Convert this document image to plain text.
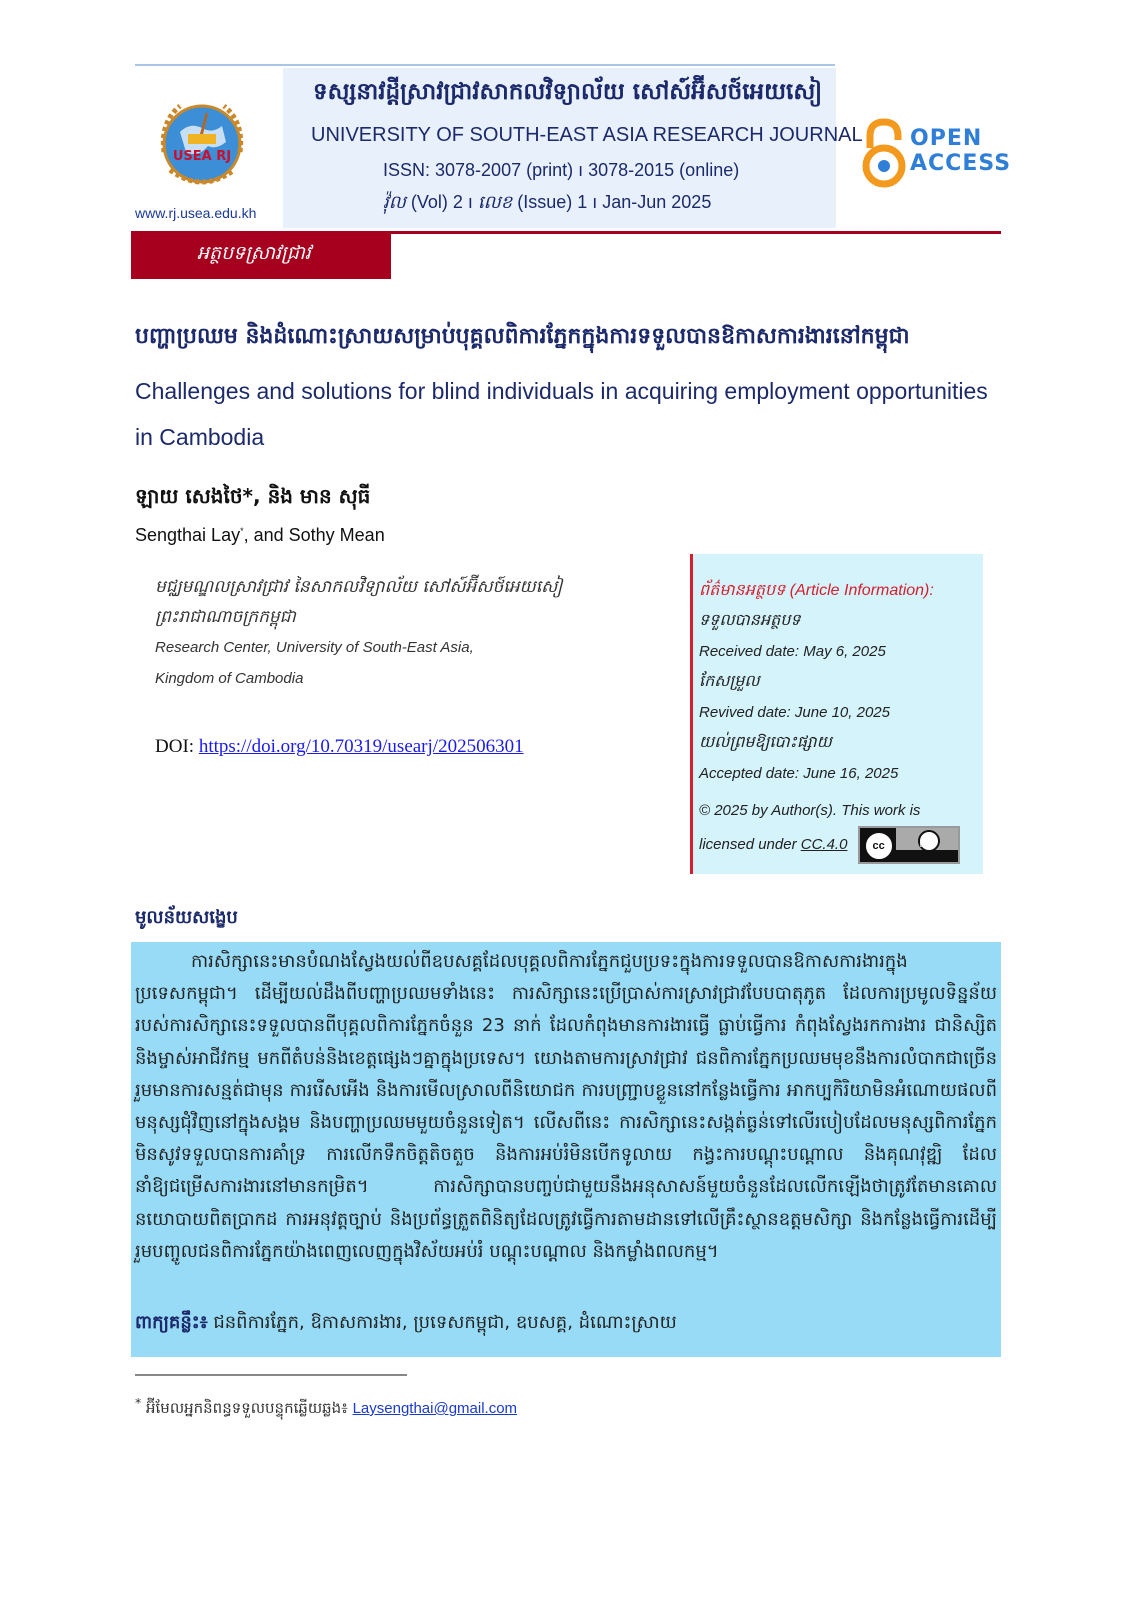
USEA RJ
www.rj.usea.edu.kh
ទស្សនាវដ្ដីស្រាវជ្រាវសាកលវិទ្យាល័យ សៅស៍អ៊ីសថ៍អេយសៀ
UNIVERSITY OF SOUTH-EAST ASIA RESEARCH JOURNAL
ISSN: 3078-2007 (print) ı 3078-2015 (online)
វ៉ុល (Vol) 2 ı លេខ (Issue) 1 ı Jan-Jun 2025
OPEN
ACCESS
អត្ថបទស្រាវជ្រាវ
បញ្ហាប្រឈម និងដំណោះស្រាយសម្រាប់បុគ្គលពិការភ្នែកក្នុងការទទួលបានឱកាសការងារនៅកម្ពុជា
Challenges and solutions for blind individuals in acquiring employment opportunities in Cambodia
ឡាយ សេងថៃ*, និង មាន សុធី
Sengthai Lay*, and Sothy Mean
មជ្ឈមណ្ឌលស្រាវជ្រាវ នៃសាកលវិទ្យាល័យ សៅស៍អ៊ីសថ៍អេយសៀ
ព្រះរាជាណាចក្រកម្ពុជា
Research Center, University of South-East Asia,
Kingdom of Cambodia
DOI: https://doi.org/10.70319/usearj/202506301
ព័ត៌មានអត្ថបទ (Article Information):
ទទួលបានអត្ថបទ
Received date: May 6, 2025
កែសម្រួល
Revived date: June 10, 2025
យល់ព្រមឱ្យបោះផ្សាយ
Accepted date: June 16, 2025
© 2025 by Author(s). This work is licensed under CC.4.0	cc	BY
មូលន័យសង្ខេប
ការសិក្សានេះមានបំណងស្វែងយល់ពីឧបសគ្គដែលបុគ្គលពិការភ្នែកជួបប្រទះក្នុងការទទួលបានឱកាសការងារក្នុងប្រទេសកម្ពុជា។ ដើម្បីយល់ដឹងពីបញ្ហាប្រឈមទាំងនេះ ការសិក្សានេះប្រើប្រាស់ការស្រាវជ្រាវបែបបាតុភូត ដែលការប្រមូលទិន្នន័យរបស់ការសិក្សានេះទទួលបានពីបុគ្គលពិការភ្នែកចំនួន 23 នាក់ ដែលកំពុងមានការងារធ្វើ ធ្លាប់ធ្វើការ កំពុងស្វែងរកការងារ ជានិស្សិត និងម្ចាស់អាជីវកម្ម មកពីតំបន់និងខេត្តផ្សេងៗគ្នាក្នុងប្រទេស។ យោងតាមការស្រាវជ្រាវ ជនពិការភ្នែកប្រឈមមុខនឹងការលំបាកជាច្រើន រួមមានការសន្មត់ជាមុន ការរើសអើង និងការមើលស្រាលពីនិយោជក ការបញ្ជ្រាបខ្លួននៅកន្លែងធ្វើការ អាកប្បកិរិយាមិនអំណោយផលពីមនុស្សជុំវិញនៅក្នុងសង្គម និងបញ្ហាប្រឈមមួយចំនួនទៀត។ លើសពីនេះ ការសិក្សានេះសង្កត់ធ្ងន់ទៅលើរបៀបដែលមនុស្សពិការភ្នែកមិនសូវទទួលបានការគាំទ្រ ការលើកទឹកចិត្តតិចតួច និងការអប់រំមិនបើកទូលាយ កង្វះការបណ្ដុះបណ្ដាល និងគុណវុឌ្ឍិ ដែលនាំឱ្យជម្រើសការងារនៅមានកម្រិត។ ការសិក្សាបានបញ្ចប់ជាមួយនឹងអនុសាសន៍មួយចំនួនដែលលើកឡើងថាត្រូវតែមានគោលនយោបាយពិតប្រាកដ ការអនុវត្តច្បាប់ និងប្រព័ន្ធត្រួតពិនិត្យដែលត្រូវធ្វើការតាមដានទៅលើគ្រឹះស្ថានឧត្ដមសិក្សា និងកន្លែងធ្វើការដើម្បីរួមបញ្ចូលជនពិការភ្នែកយ៉ាងពេញលេញក្នុងវិស័យអប់រំ បណ្ដុះបណ្ដាល និងកម្លាំងពលកម្ម។
ពាក្យគន្លឹះ៖ ជនពិការភ្នែក, ឱកាសការងារ, ប្រទេសកម្ពុជា, ឧបសគ្គ, ដំណោះស្រាយ
* អ៊ីមែលអ្នកនិពន្ធទទួលបន្ទុកឆ្លើយឆ្លង៖ Laysengthai@gmail.com
